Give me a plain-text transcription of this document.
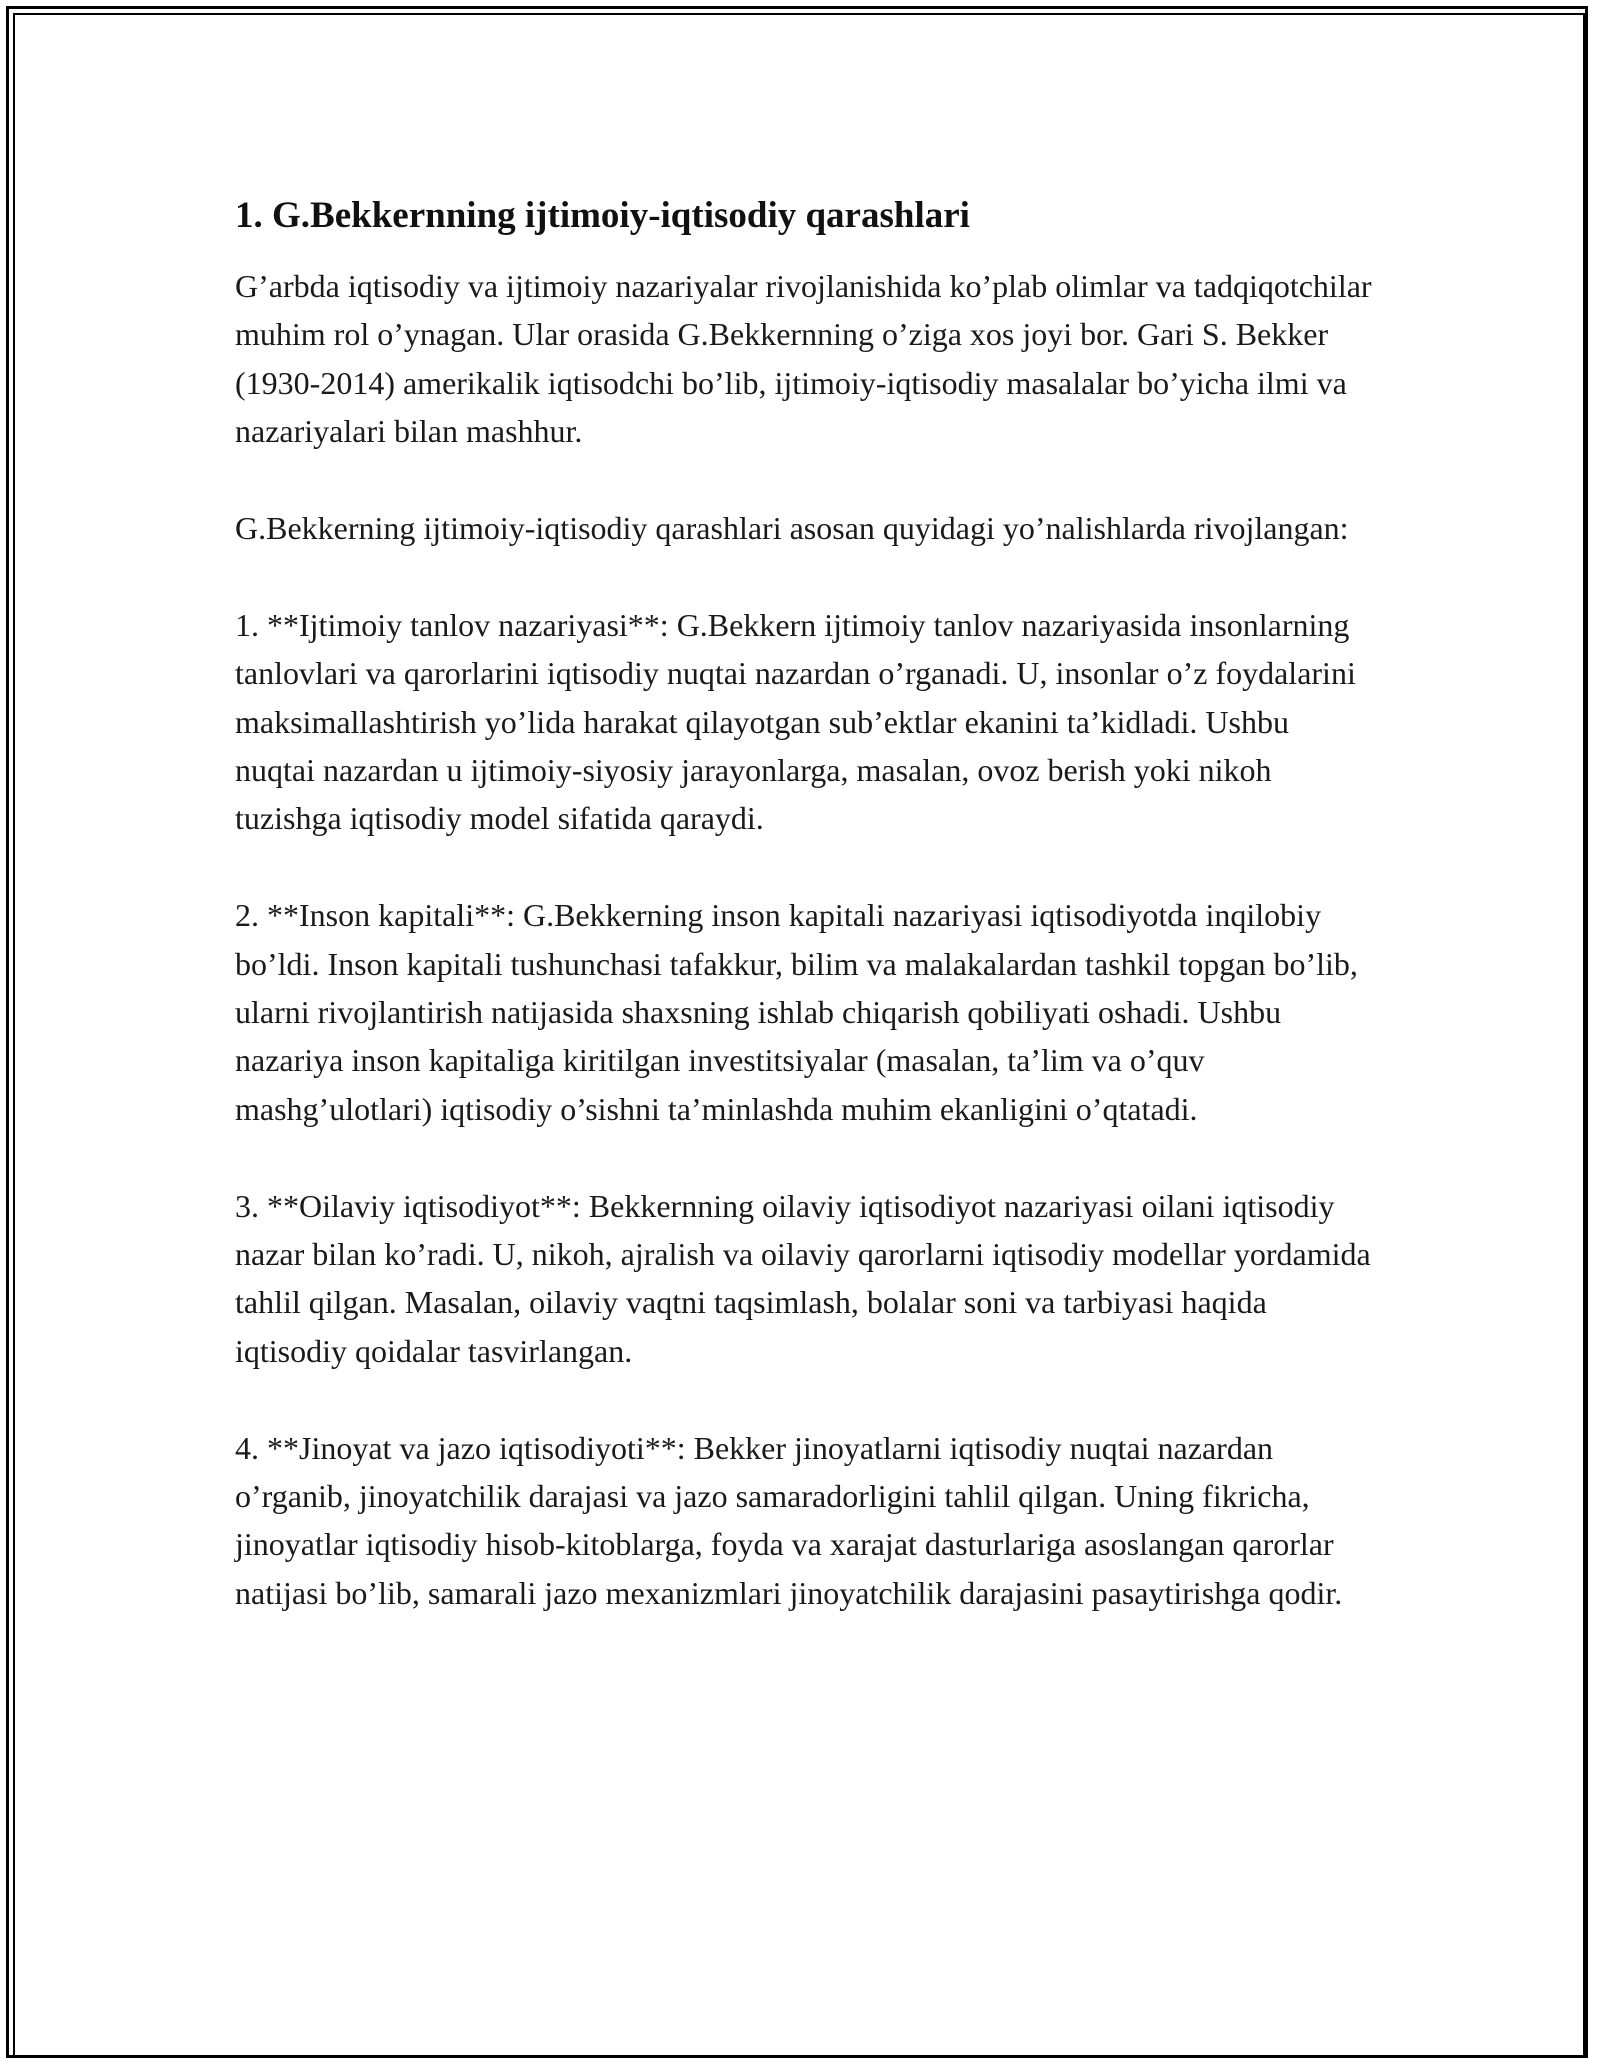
1. G.Bekkernning ijtimoiy-iqtisodiy qarashlari

G’arbda iqtisodiy va ijtimoiy nazariyalar rivojlanishida ko’plab olimlar va tadqiqotchilar muhim rol o’ynagan. Ular orasida G.Bekkernning o’ziga xos joyi bor. Gari S. Bekker (1930-2014) amerikalik iqtisodchi bo’lib, ijtimoiy-iqtisodiy masalalar bo’yicha ilmi va nazariyalari bilan mashhur.

G.Bekkerning ijtimoiy-iqtisodiy qarashlari asosan quyidagi yo’nalishlarda rivojlangan:

1. **Ijtimoiy tanlov nazariyasi**: G.Bekkern ijtimoiy tanlov nazariyasida insonlarning tanlovlari va qarorlarini iqtisodiy nuqtai nazardan o’rganadi. U, insonlar o’z foydalarini maksimallashtirish yo’lida harakat qilayotgan sub’ektlar ekanini ta’kidladi. Ushbu nuqtai nazardan u ijtimoiy-siyosiy jarayonlarga, masalan, ovoz berish yoki nikoh tuzishga iqtisodiy model sifatida qaraydi.

2. **Inson kapitali**: G.Bekkerning inson kapitali nazariyasi iqtisodiyotda inqilobiy bo’ldi. Inson kapitali tushunchasi tafakkur, bilim va malakalardan tashkil topgan bo’lib, ularni rivojlantirish natijasida shaxsning ishlab chiqarish qobiliyati oshadi. Ushbu nazariya inson kapitaliga kiritilgan investitsiyalar (masalan, ta’lim va o’quv mashg’ulotlari) iqtisodiy o’sishni ta’minlashda muhim ekanligini o’qtatadi.

3. **Oilaviy iqtisodiyot**: Bekkernning oilaviy iqtisodiyot nazariyasi oilani iqtisodiy nazar bilan ko’radi. U, nikoh, ajralish va oilaviy qarorlarni iqtisodiy modellar yordamida tahlil qilgan. Masalan, oilaviy vaqtni taqsimlash, bolalar soni va tarbiyasi haqida iqtisodiy qoidalar tasvirlangan.

4. **Jinoyat va jazo iqtisodiyoti**: Bekker jinoyatlarni iqtisodiy nuqtai nazardan o’rganib, jinoyatchilik darajasi va jazo samaradorligini tahlil qilgan. Uning fikricha, jinoyatlar iqtisodiy hisob-kitoblarga, foyda va xarajat dasturlariga asoslangan qarorlar natijasi bo’lib, samarali jazo mexanizmlari jinoyatchilik darajasini pasaytirishga qodir.
